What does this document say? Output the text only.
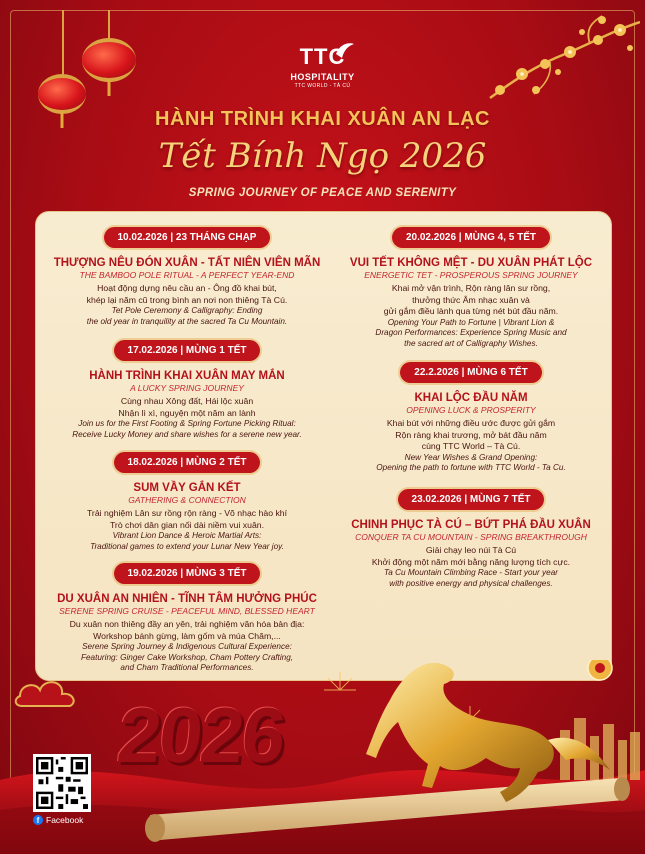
TTC
HOSPITALITY
TTC WORLD - TÀ CÚ
HÀNH TRÌNH KHAI XUÂN AN LẠC
Tết Bính Ngọ 2026
SPRING JOURNEY OF PEACE AND SERENITY
10.02.2026 | 23 THÁNG CHẠP
THƯỢNG NÊU ĐÓN XUÂN - TẤT NIÊN VIÊN MÃN
THE BAMBOO POLE RITUAL - A PERFECT YEAR-END
Hoạt động dựng nêu cầu an - Ông đồ khai bút,
khép lại năm cũ trong bình an nơi non thiêng Tà Cú.
Tet Pole Ceremony & Calligraphy: Ending
the old year in tranquility at the sacred Ta Cu Mountain.
17.02.2026 | MÙNG 1 TẾT
HÀNH TRÌNH KHAI XUÂN MAY MẮN
A LUCKY SPRING JOURNEY
Cùng nhau Xông đất, Hái lộc xuân
Nhận lì xì, nguyện một năm an lành
Join us for the First Footing & Spring Fortune Picking Ritual:
Receive Lucky Money and share wishes for a serene new year.
18.02.2026 | MÙNG 2 TẾT
SUM VẦY GẮN KẾT
GATHERING & CONNECTION
Trải nghiệm Lân sư rồng rộn ràng - Võ nhạc hào khí
Trò chơi dân gian nối dài niềm vui xuân.
Vibrant Lion Dance & Heroic Martial Arts:
Traditional games to extend your Lunar New Year joy.
19.02.2026 | MÙNG 3 TẾT
DU XUÂN AN NHIÊN - TĨNH TÂM HƯỞNG PHÚC
SERENE SPRING CRUISE - PEACEFUL MIND, BLESSED HEART
Du xuân non thiêng đầy an yên, trải nghiệm văn hóa bản địa:
Workshop bánh gừng, làm gốm và múa Chăm,...
Serene Spring Journey & Indigenous Cultural Experience:
Featuring: Ginger Cake Workshop, Cham Pottery Crafting,
and Cham Traditional Performances.
20.02.2026 | MÙNG 4, 5 TẾT
VUI TẾT KHÔNG MỆT - DU XUÂN PHÁT LỘC
ENERGETIC TET - PROSPEROUS SPRING JOURNEY
Khai mở vận trình, Rộn ràng lân sư rồng,
thưởng thức Âm nhạc xuân và
gửi gắm điều lành qua từng nét bút đầu năm.
Opening Your Path to Fortune | Vibrant Lion &
Dragon Performances: Experience Spring Music and
the sacred art of Calligraphy Wishes.
22.2.2026 | MÙNG 6 TẾT
KHAI LỘC ĐẦU NĂM
OPENING LUCK & PROSPERITY
Khai bút với những điều ước được gửi gắm
Rộn ràng khai trương, mở bát đầu năm
cùng TTC World – Tà Cú.
New Year Wishes & Grand Opening:
Opening the path to fortune with TTC World - Ta Cu.
23.02.2026 | MÙNG 7 TẾT
CHINH PHỤC TÀ CÚ – BỨT PHÁ ĐẦU XUÂN
CONQUER TA CU MOUNTAIN - SPRING BREAKTHROUGH
Giải chạy leo núi Tà Cú
Khởi động một năm mới bằng năng lượng tích cực.
Ta Cu Mountain Climbing Race - Start your year
with positive energy and physical challenges.
2026
f Facebook
